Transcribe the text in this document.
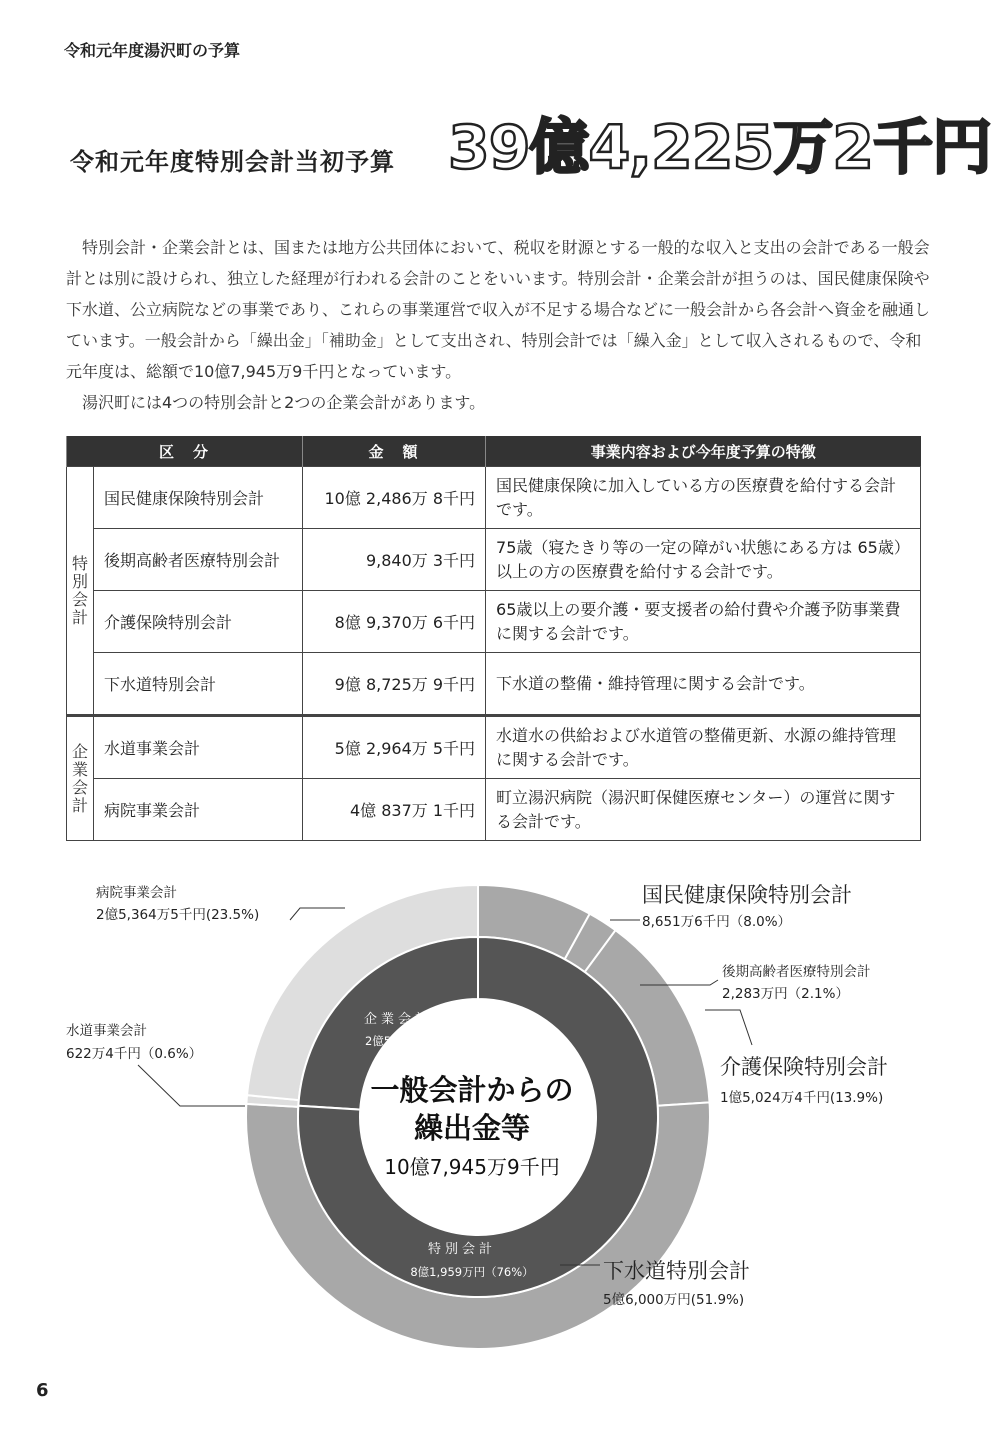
令和元年度湯沢町の予算
令和元年度特別会計当初予算 39億4,225万2千円

特別会計・企業会計とは、国または地方公共団体において、税収を財源とする一般的な収入と支出の会計である一般会計とは別に設けられ、独立した経理が行われる会計のことをいいます。特別会計・企業会計が担うのは、国民健康保険や下水道、公立病院などの事業であり、これらの事業運営で収入が不足する場合などに一般会計から各会計へ資金を融通しています。一般会計から「繰出金」「補助金」として支出され、特別会計では「繰入金」として収入されるもので、令和元年度は、総額で10億7,945万9千円となっています。

湯沢町には4つの特別会計と2つの企業会計があります。

区　分		金　額	事業内容および今年度予算の特徴
特
別
会
計	国民健康保険特別会計	10億 2,486万 8千円	国民健康保険に加入している方の医療費を給付する会計です。
	後期高齢者医療特別会計	9,840万 3千円	75歳（寝たきり等の一定の障がい状態にある方は 65歳）以上の方の医療費を給付する会計です。
	介護保険特別会計	8億 9,370万 6千円	65歳以上の要介護・要支援者の給付費や介護予防事業費に関する会計です。
	下水道特別会計	9億 8,725万 9千円	下水道の整備・維持管理に関する会計です。
企
業
会
計	水道事業会計	5億 2,964万 5千円	水道水の供給および水道管の整備更新、水源の維持管理に関する会計です。
	病院事業会計	4億 837万 1千円	町立湯沢病院（湯沢町保健医療センター）の運営に関する会計です。
一般会計からの
繰出金等
10億7,945万9千円
企業会計
2億5,986万9千円（24%）
特別会計
8億1,959万円（76%）
国民健康保険特別会計
8,651万6千円（8.0%）
後期高齢者医療特別会計
2,283万円（2.1%）
介護保険特別会計
1億5,024万4千円(13.9%)
下水道特別会計
5億6,000万円(51.9%)
水道事業会計
622万4千円（0.6%）
病院事業会計
2億5,364万5千円(23.5%)
6
